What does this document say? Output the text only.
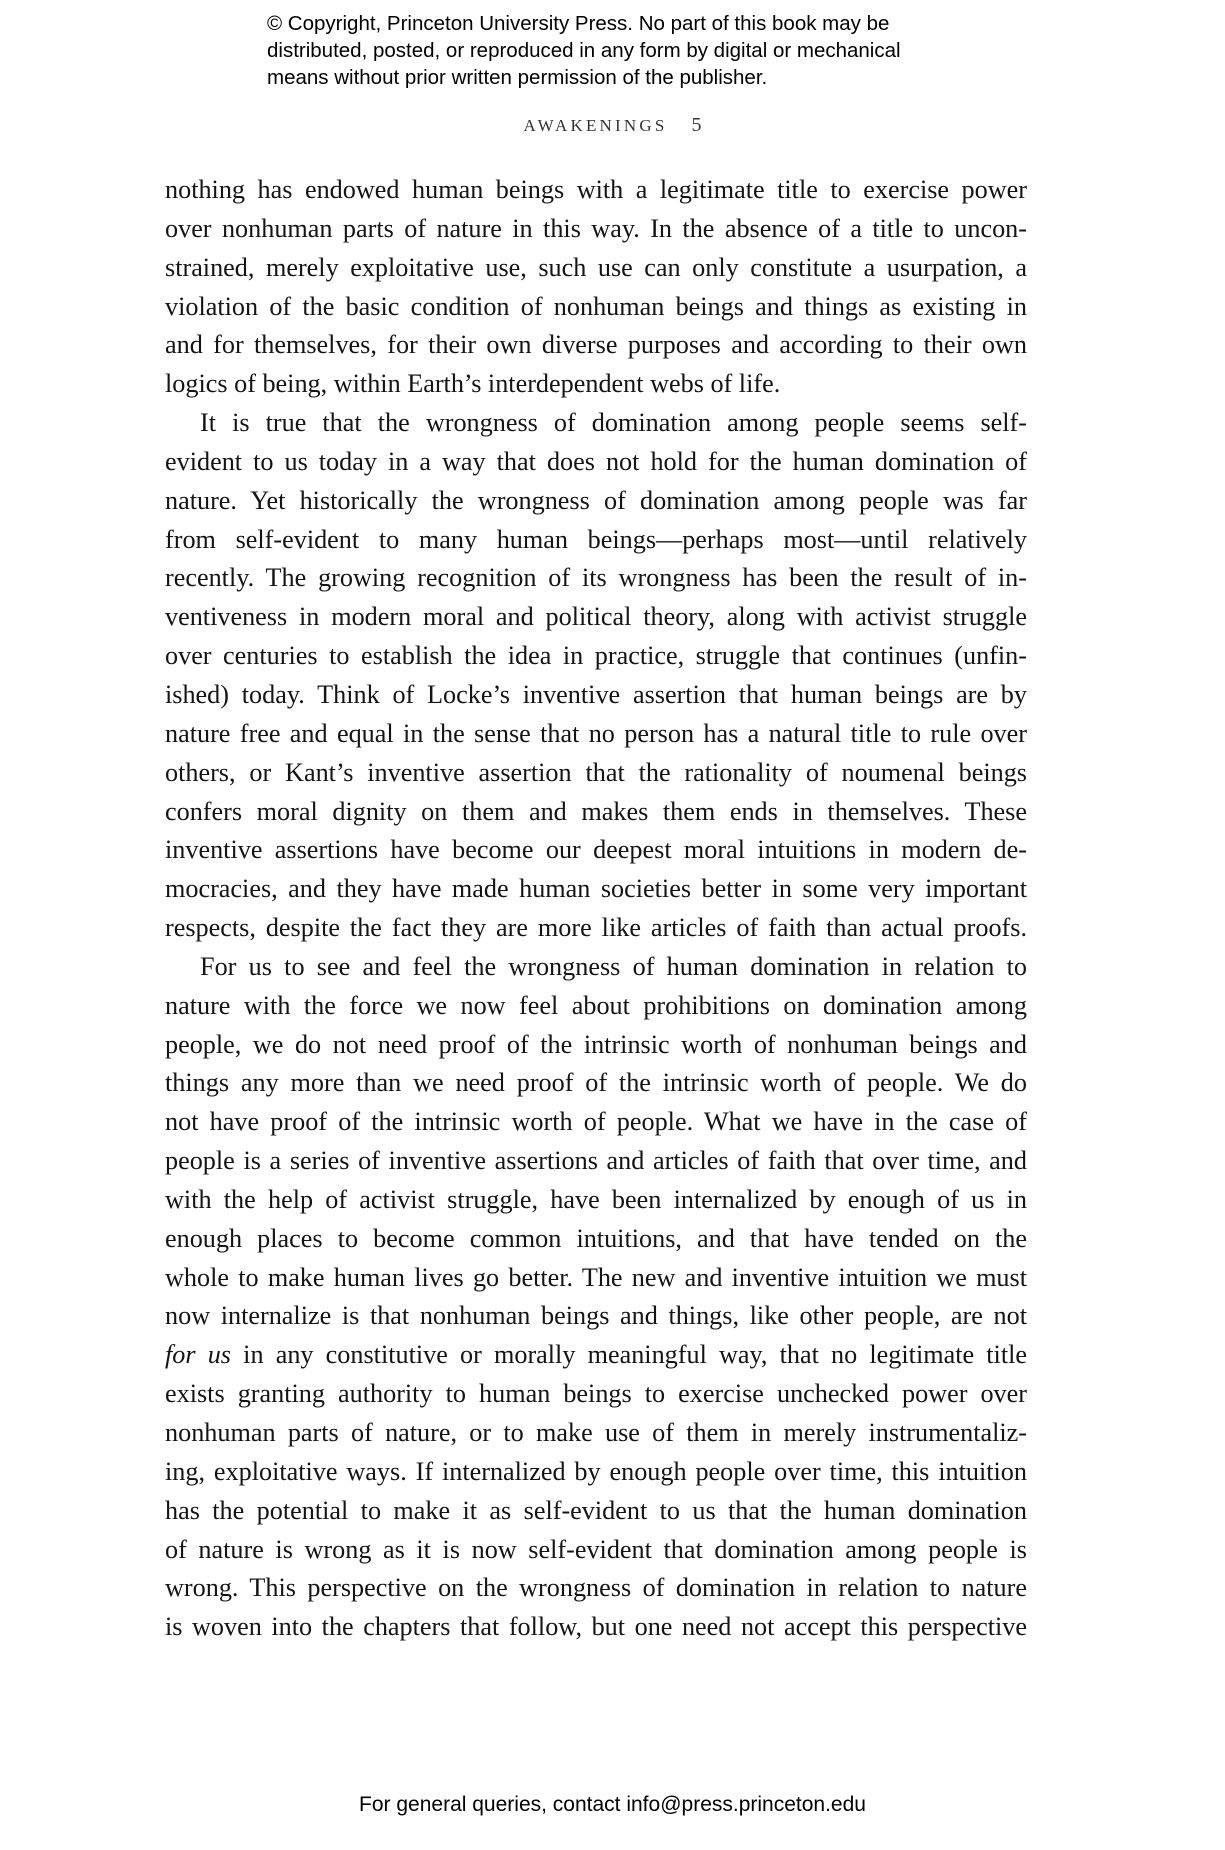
© Copyright, Princeton University Press. No part of this book may be
distributed, posted, or reproduced in any form by digital or mechanical
means without prior written permission of the publisher.
AWAKENINGS 5
nothing has endowed human beings with a legitimate title to exercise power
over nonhuman parts of nature in this way. In the absence of a title to uncon-
strained, merely exploitative use, such use can only constitute a usurpation, a
violation of the basic condition of nonhuman beings and things as existing in
and for themselves, for their own diverse purposes and according to their own
logics of being, within Earth’s interdependent webs of life.
It is true that the wrongness of domination among people seems self-
evident to us today in a way that does not hold for the human domination of
nature. Yet historically the wrongness of domination among people was far
from self-evident to many human beings—perhaps most—until relatively
recently. The growing recognition of its wrongness has been the result of in-
ventiveness in modern moral and political theory, along with activist struggle
over centuries to establish the idea in practice, struggle that continues (unfin-
ished) today. Think of Locke’s inventive assertion that human beings are by
nature free and equal in the sense that no person has a natural title to rule over
others, or Kant’s inventive assertion that the rationality of noumenal beings
confers moral dignity on them and makes them ends in themselves. These
inventive assertions have become our deepest moral intuitions in modern de-
mocracies, and they have made human societies better in some very important
respects, despite the fact they are more like articles of faith than actual proofs.
For us to see and feel the wrongness of human domination in relation to
nature with the force we now feel about prohibitions on domination among
people, we do not need proof of the intrinsic worth of nonhuman beings and
things any more than we need proof of the intrinsic worth of people. We do
not have proof of the intrinsic worth of people. What we have in the case of
people is a series of inventive assertions and articles of faith that over time, and
with the help of activist struggle, have been internalized by enough of us in
enough places to become common intuitions, and that have tended on the
whole to make human lives go better. The new and inventive intuition we must
now internalize is that nonhuman beings and things, like other people, are not
for us in any constitutive or morally meaningful way, that no legitimate title
exists granting authority to human beings to exercise unchecked power over
nonhuman parts of nature, or to make use of them in merely instrumentaliz-
ing, exploitative ways. If internalized by enough people over time, this intuition
has the potential to make it as self-evident to us that the human domination
of nature is wrong as it is now self-evident that domination among people is
wrong. This perspective on the wrongness of domination in relation to nature
is woven into the chapters that follow, but one need not accept this perspective
For general queries, contact info@press.princeton.edu
